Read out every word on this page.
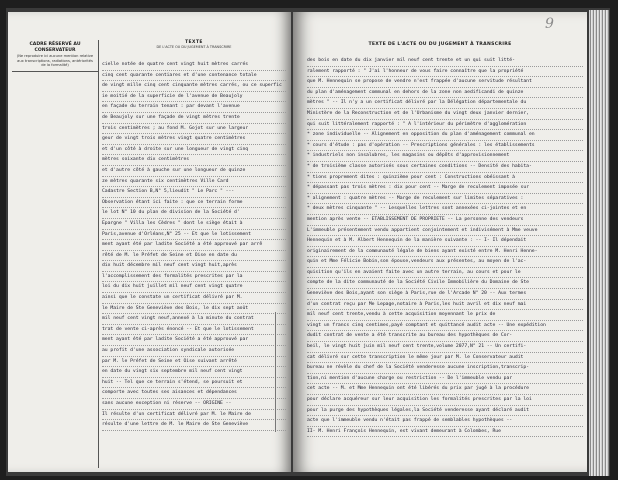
CADRE RÉSERVÉ AU CONSERVATEUR
(Ne reproduire ici aucune mention relative aux transcriptions, radiations, antériorités de la formalité)
TEXTE
DE L'ACTE OU DU JUGEMENT À TRANSCRIRE
cielle notée de quatre cent vingt huit mètres carrés
cinq cent quarante centiares et d'une contenance totale
de vingt mille cinq cent cinquante mètres carrés, ou ce superfic
ie moitié de la superficie de l'avenue de Beaujoly
en façade du terrain tenant : par devant l'avenue
de Beaujoly sur une façade de vingt mètres trente
trois centimètres ; au fond M. Gojot sur une largeur
geur de vingt trois mètres vingt quatre centimètres
et d'un côté à droite sur une longueur de vingt cinq
mètres soixante dix centimètres
et d'autre côté à gauche sur une longueur de quinze
ze mètres quarante six centimètres Ville Card
Cadastre Section B,N° 5,lieudit " Le Parc " ---
Observation étant ici faite : que ce terrain forme
le lot N° 10 du plan de division de la Société d'
Epargne " Villa les Cèdres " dont le siège était à
Paris,avenue d'Orléans,N° 25 -- Et que le lotissement
ment ayant été par ladite Société a été approuvé par arrê
rêté de M. le Préfet de Seine et Oise en date du
dix huit décembre mil neuf cent vingt huit,après
l'accomplissement des formalités prescrites par la
loi du dix huit juillet mil neuf cent vingt quatre
ainsi que le constate un certificat délivré par M.
le Maire de Ste Geneviève des Bois, le dix sept août
mil neuf cent vingt neuf,annexé à la minute du contrat
trat de vente ci-après énoncé -- Et que le lotissement
ment ayant été par ladite Société a été approuvé par
au profit d'une association syndicale autorisée
par M. le Préfet de Seine et Oise suivant arrêté
en date du vingt six septembre mil neuf cent vingt
huit -- Tel que ce terrain s'étend, se poursuit et
comporte avec toutes ses aisances et dépendances
sans aucune exception ni réserve -- ORIGINE --
Il résulte d'un certificat délivré par M. le Maire de
résulte d'une lettre de M. le Maire de Ste Geneviève
TEXTE DE L'ACTE OU DU JUGEMENT À TRANSCRIRE
9
des bois en date du dix janvier mil neuf cent trente et un qui suit litté-
ralement rapporté : " J'ai l'honneur de vous faire connaître que la propriété
que M. Hennequin se propose de vendre n'est frappée d'aucune servitude résultant
du plan d'aménagement communal en dehors de la zone non aedificandi de quinze
mètres " -- Il n'y a un certificat délivré par la Délégation départementale du
Ministère de la Reconstruction et de l'Urbanisme du vingt deux janvier dernier,
qui suit littéralement rapporté : " A l'intérieur du périmètre d'agglomération
* zone individuelle -- Alignement en opposition du plan d'aménagement communal en
* cours d'étude : pas d'opération -- Prescriptions générales : les établissements
* industriels non insalubres, les magasins ou dépôts d'approvisionnement
* de troisième classe autorisés sous certaines conditions -- Densité des habita-
* tions proprement dites : quinzième pour cent : Constructions obéissant à
* dépassant pas trois mètres : dix pour cent -- Marge de reculement imposée sur
* alignement : quatre mètres -- Marge de reculement sur limites séparatives :
* deux mètres cinquante " -- Lesquelles lettres sont annexées ci-jointes et en
mention après vente -- ETABLISSEMENT DE PROPRIETE -- La personne des vendeurs
L'immeuble présentement vendu appartient conjointement et indivisément à Mme veuve
Hennequin et à M. Albert Hennequin de la manière suivante : -- I- Il dépendait
originairement de la communauté légale de biens ayant existé entre M. Henri Henne-
quin et Mme Félicie Bobin,son épouse,vendeurs aux présentes, au moyen de l'ac-
quisition qu'ils en avaient faite avec un autre terrain, au cours et pour le
compte de la dite communauté de la Société Civile Immobilière du Domaine de Ste
Geneviève des Bois,ayant son siège à Paris,rue de l'Arcade N° 20 -- Aux termes
d'un contrat reçu par Me Lepage,notaire à Paris,les huit avril et dix neuf mai
mil neuf cent trente,vendu à cette acquisition moyennant le prix de
vingt un francs cinq centimes,payé comptant et quittancé audit acte -- Une expédition
dudit contrat de vente a été transcrite au bureau des hypothèques de Cor-
beil, le vingt huit juin mil neuf cent trente,volume 2077,N° 21 -- Un certifi-
cat délivré sur cette transcription le même jour par M. le Conservateur audit
bureau ne révèle du chef de la Société venderesse aucune inscription,transcrip-
tion,ni mention d'aucune charge ou restriction -- De l'immeuble vendu par
cet acte -- M. et Mme Hennequin ont été libérés du prix par jugé à la procédure
pour déclare acquéreur sur leur acquisition les formalités prescrites par la loi
pour la purge des hypothèques légales,la Société venderesse ayant déclaré audit
acte que l'immeuble vendu n'était pas frappé de semblables hypothèques --
II- M. Henri François Hennequin, est vivant demeurant à Colombes, Rue
